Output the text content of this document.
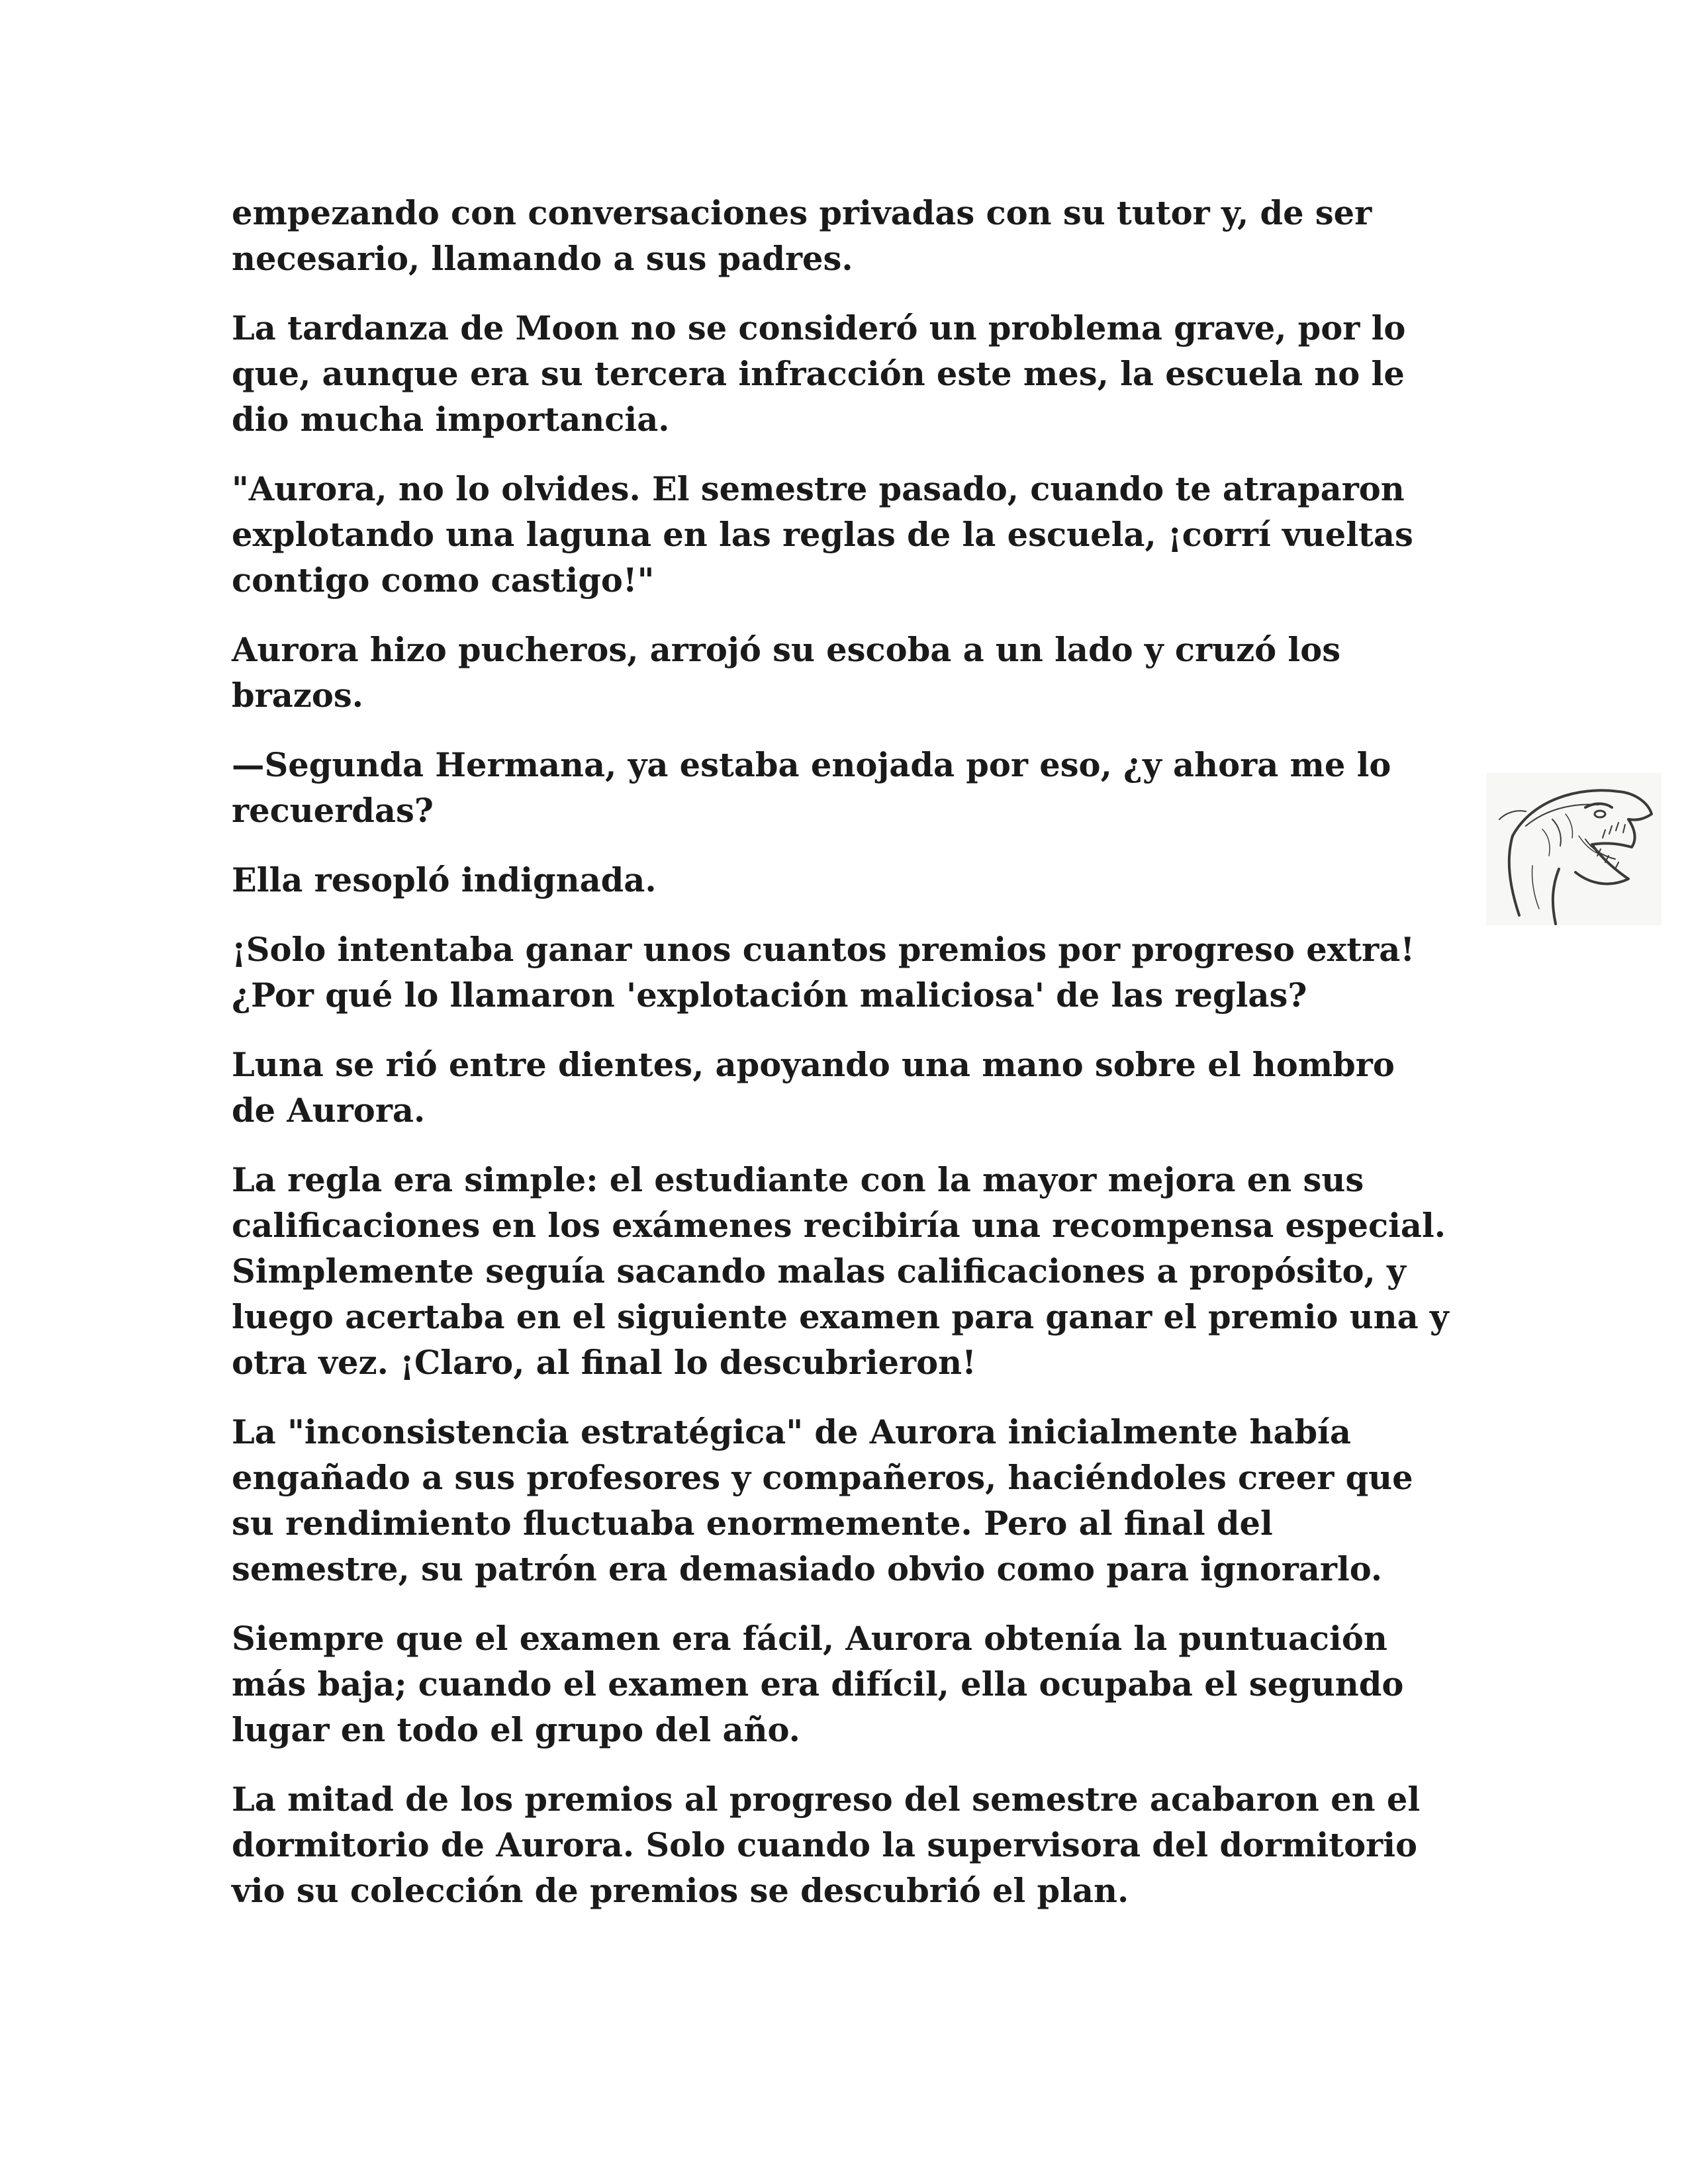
empezando con conversaciones privadas con su tutor y, de ser necesario, llamando a sus padres.

La tardanza de Moon no se consideró un problema grave, por lo que, aunque era su tercera infracción este mes, la escuela no le dio mucha importancia.

"Aurora, no lo olvides. El semestre pasado, cuando te atraparon explotando una laguna en las reglas de la escuela, ¡corrí vueltas contigo como castigo!"

Aurora hizo pucheros, arrojó su escoba a un lado y cruzó los brazos.

—Segunda Hermana, ya estaba enojada por eso, ¿y ahora me lo recuerdas?

Ella resopló indignada.

¡Solo intentaba ganar unos cuantos premios por progreso extra! ¿Por qué lo llamaron 'explotación maliciosa' de las reglas?

Luna se rió entre dientes, apoyando una mano sobre el hombro de Aurora.

La regla era simple: el estudiante con la mayor mejora en sus calificaciones en los exámenes recibiría una recompensa especial. Simplemente seguía sacando malas calificaciones a propósito, y luego acertaba en el siguiente examen para ganar el premio una y otra vez. ¡Claro, al final lo descubrieron!

La "inconsistencia estratégica" de Aurora inicialmente había engañado a sus profesores y compañeros, haciéndoles creer que su rendimiento fluctuaba enormemente. Pero al final del semestre, su patrón era demasiado obvio como para ignorarlo.

Siempre que el examen era fácil, Aurora obtenía la puntuación más baja; cuando el examen era difícil, ella ocupaba el segundo lugar en todo el grupo del año.

La mitad de los premios al progreso del semestre acabaron en el dormitorio de Aurora. Solo cuando la supervisora del dormitorio vio su colección de premios se descubrió el plan.
